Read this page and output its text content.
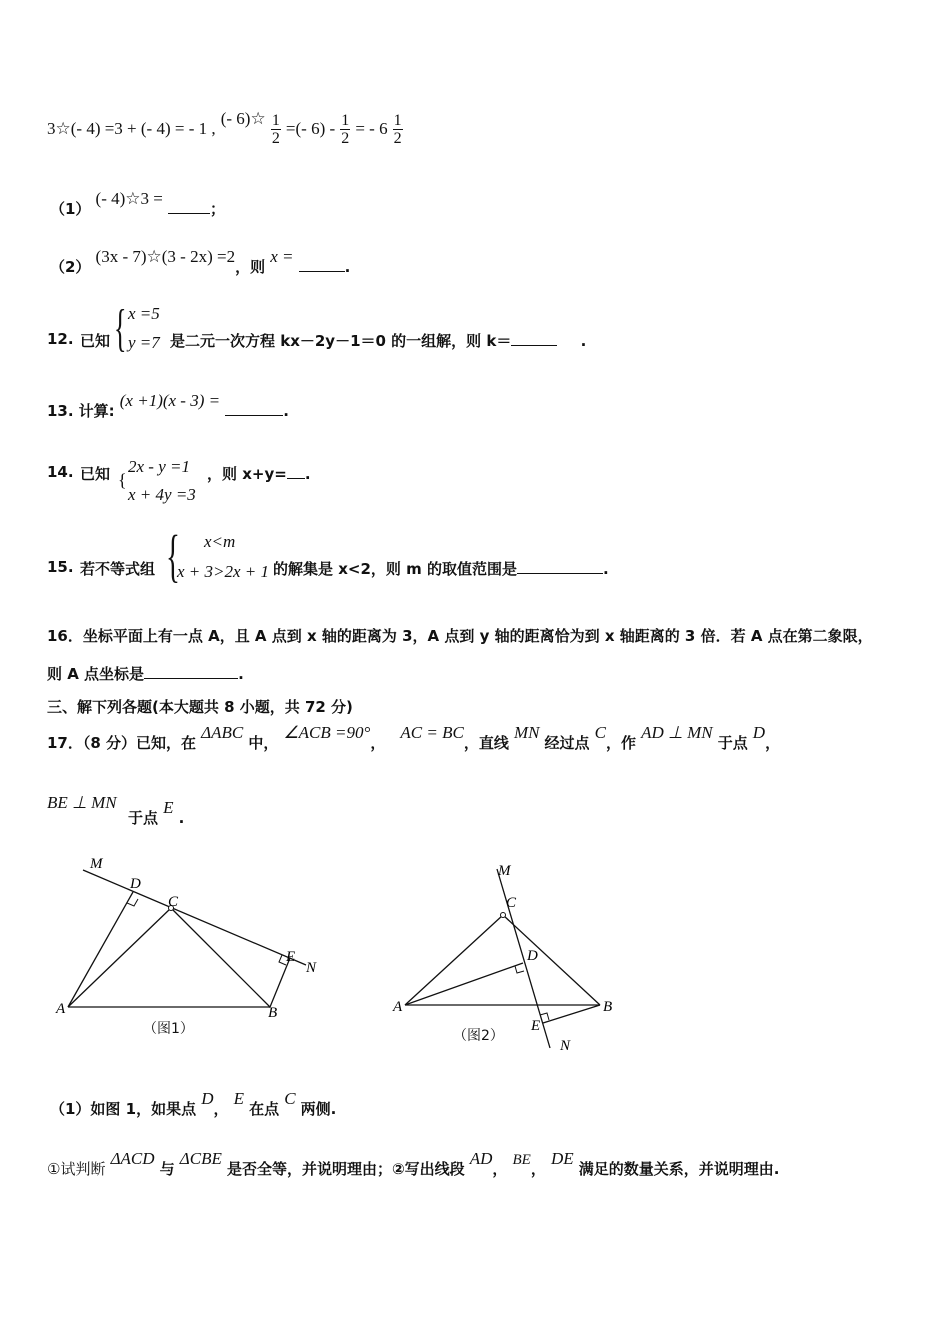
3☆(- 4) =3 + (- 4) = - 1 , (- 6)☆ $\frac{1}{2}$ =(- $6) - \frac{1}{2}$ = - $6 \frac{1}{2}$
（1） (- 4)☆3 = ；
（2） (3x - 7)☆(3 - 2x) =2，则 x = .
12. 已知 { x =5
y =7 是二元一次方程 kx－2y－1＝0 的一组解，则 k＝	.
13. 计算: (x +1)(x - 3) = .
14. 已知 {
2x - y =1
x + 4y =3
，则 x+y= .
15. 若不等式组 { x<m
x + 3>2x + 1 的解集是 x<2，则 m 的取值范围是	.
16．坐标平面上有一点 A，且 A 点到 x 轴的距离为 3，A 点到 y 轴的距离恰为到 x 轴距离的 3 倍．若 A 点在第二象限，
则 A 点坐标是	.
三、解下列各题(本大题共 8 小题，共 72 分)
17．（8 分）已知，在 ΔABC 中， ∠ACB =90°， AC = BC，直线 MN 经过点 C，作 AD ⊥ MN 于点 D，
BE ⊥ MN

于点 E .
M
D
C
E
N
A	B
（图1）
M
C
D
A	B
E
N
（图2）
（1）如图 1，如果点 D， E 在点 C 两侧.
①试判断 ΔACD 与 ΔCBE 是否全等，并说明理由；②写出线段 AD， BE， DE 满足的数量关系，并说明理由.
